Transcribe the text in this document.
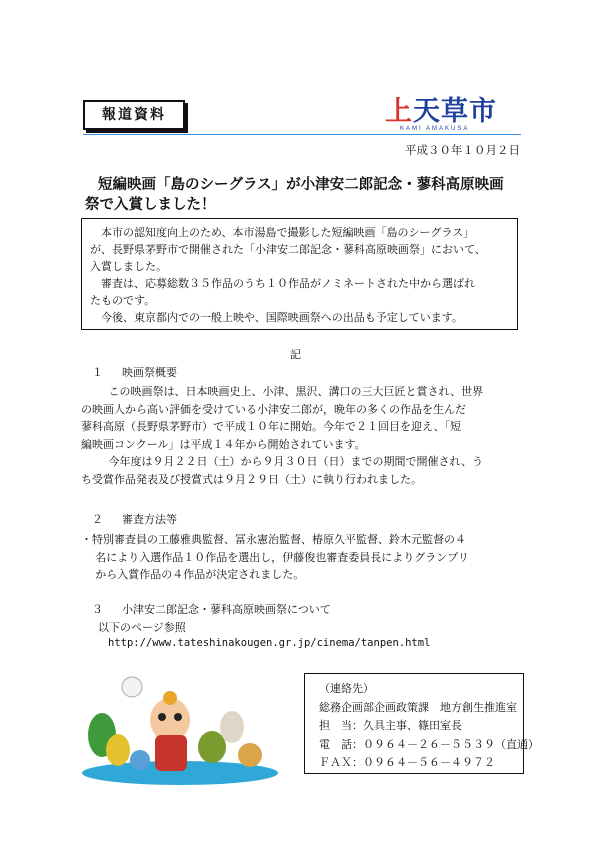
報道資料	上天草市
KAMI AMAKUSA
平成３０年１０月２日
短編映画「島のシーグラス」が小津安二郎記念・蓼科高原映画
祭で入賞しました！

本市の認知度向上のため、本市湯島で撮影した短編映画「島のシーグラス」

が、長野県茅野市で開催された「小津安二郎記念・蓼科高原映画祭」において、

入賞しました。

審査は、応募総数３５作品のうち１０作品がノミネートされた中から選ばれ

たものです。

今後、東京都内での一般上映や、国際映画祭への出品も予定しています。

記
１ 映画祭概要

この映画祭は、日本映画史上、小津、黒沢、溝口の三大巨匠と賞され、世界

の映画人から高い評価を受けている小津安二郎が，晩年の多くの作品を生んだ

蓼科高原（長野県茅野市）で平成１０年に開始。今年で２１回目を迎え、「短

編映画コンクール」は平成１４年から開始されています。

今年度は９月２２日（土）から９月３０日（日）までの期間で開催され、う

ち受賞作品発表及び授賞式は９月２９日（土）に執り行われました。

２ 審査方法等

・特別審査員の工藤雅典監督、冨永憲治監督、椿原久平監督、鈴木元監督の４
名により入選作品１０作品を選出し，伊藤俊也審査委員長によりグランプリ
から入賞作品の４作品が決定されました。

３ 小津安二郎記念・蓼科高原映画祭について
以下のページ参照
http://www.tateshinakougen.gr.jp/cinema/tanpen.html
（連絡先）
総務企画部企画政策課　地方創生推進室
担　当：久具主事、篠田室長
電　話：０９６４－２６－５５３９（直通）
ＦＡＸ：０９６４－５６－４９７２
